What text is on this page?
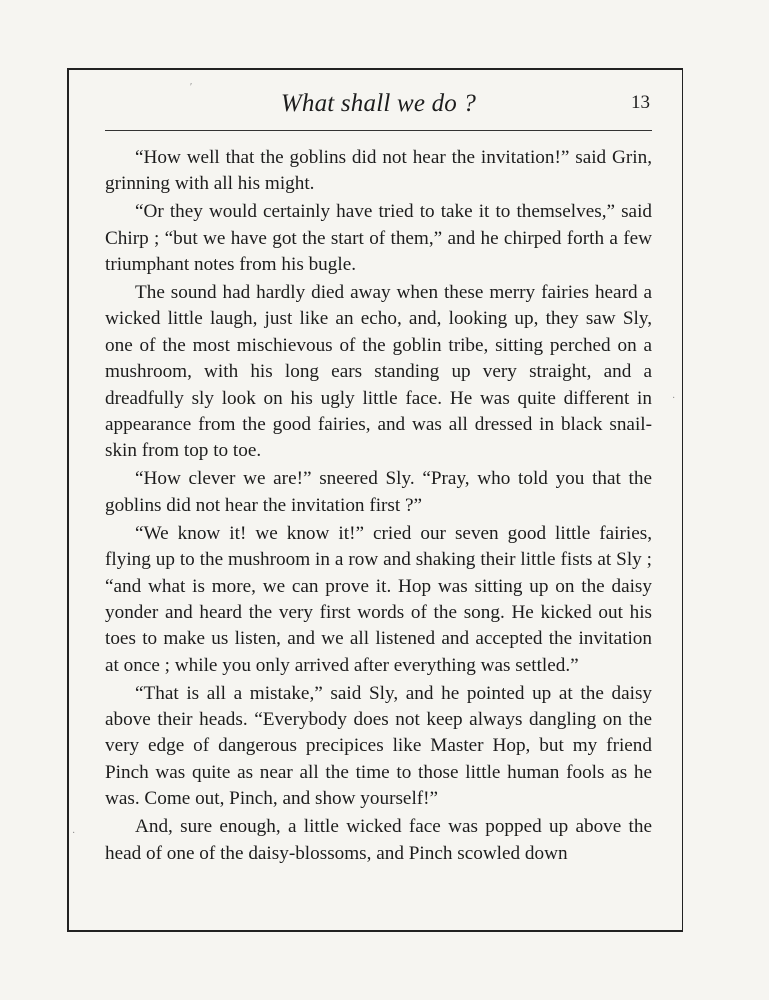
What shall we do ?	13

“How well that the goblins did not hear the invitation!” said Grin, grinning with all his might.

“Or they would certainly have tried to take it to themselves,” said Chirp ; “but we have got the start of them,” and he chirped forth a few triumphant notes from his bugle.

The sound had hardly died away when these merry fairies heard a wicked little laugh, just like an echo, and, looking up, they saw Sly, one of the most mischievous of the goblin tribe, sitting perched on a mushroom, with his long ears standing up very straight, and a dreadfully sly look on his ugly little face. He was quite different in appearance from the good fairies, and was all dressed in black snail-skin from top to toe.

“How clever we are!” sneered Sly. “Pray, who told you that the goblins did not hear the invitation first ?”

“We know it! we know it!” cried our seven good little fairies, flying up to the mushroom in a row and shaking their little fists at Sly ; “and what is more, we can prove it. Hop was sitting up on the daisy yonder and heard the very first words of the song. He kicked out his toes to make us listen, and we all listened and accepted the invitation at once ; while you only arrived after everything was settled.”

“That is all a mistake,” said Sly, and he pointed up at the daisy above their heads. “Everybody does not keep always dangling on the very edge of dangerous precipices like Master Hop, but my friend Pinch was quite as near all the time to those little human fools as he was. Come out, Pinch, and show yourself!”

And, sure enough, a little wicked face was popped up above the head of one of the daisy-blossoms, and Pinch scowled down

ʹ
·
·
